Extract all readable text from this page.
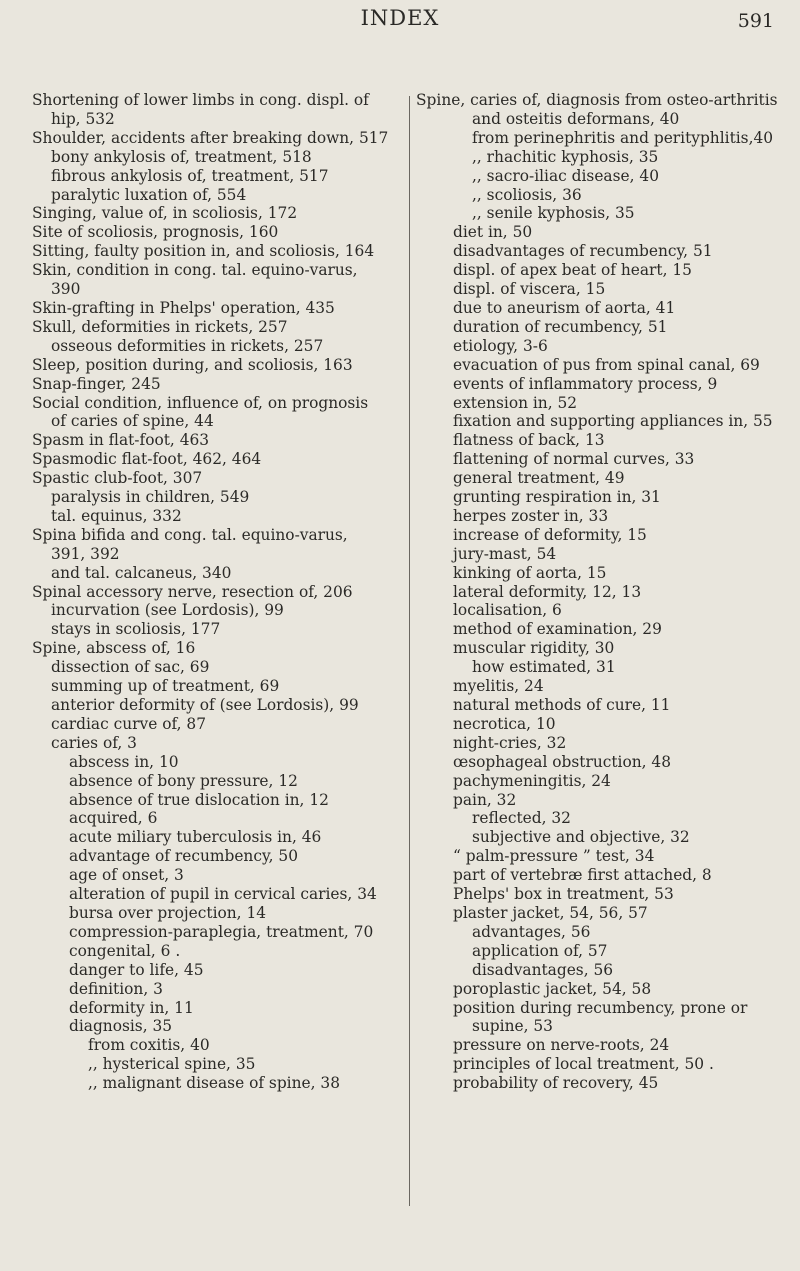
INDEX	591
Shortening of lower limbs in cong. displ. of
hip, 532
Shoulder, accidents after breaking down, 517
bony ankylosis of, treatment, 518
fibrous ankylosis of, treatment, 517
paralytic luxation of, 554
Singing, value of, in scoliosis, 172
Site of scoliosis, prognosis, 160
Sitting, faulty position in, and scoliosis, 164
Skin, condition in cong. tal. equino-varus,
390
Skin-grafting in Phelps' operation, 435
Skull, deformities in rickets, 257
osseous deformities in rickets, 257
Sleep, position during, and scoliosis, 163
Snap-finger, 245
Social condition, influence of, on prognosis
of caries of spine, 44
Spasm in flat-foot, 463
Spasmodic flat-foot, 462, 464
Spastic club-foot, 307
paralysis in children, 549
tal. equinus, 332
Spina bifida and cong. tal. equino-varus,
391, 392
and tal. calcaneus, 340
Spinal accessory nerve, resection of, 206
incurvation (see Lordosis), 99
stays in scoliosis, 177
Spine, abscess of, 16
dissection of sac, 69
summing up of treatment, 69
anterior deformity of (see Lordosis), 99
cardiac curve of, 87
caries of, 3
abscess in, 10
absence of bony pressure, 12
absence of true dislocation in, 12
acquired, 6
acute miliary tuberculosis in, 46
advantage of recumbency, 50
age of onset, 3
alteration of pupil in cervical caries, 34
bursa over projection, 14
compression-paraplegia, treatment, 70
congenital, 6 .
danger to life, 45
definition, 3
deformity in, 11
diagnosis, 35
from coxitis, 40
,, hysterical spine, 35
,, malignant disease of spine, 38
Spine, caries of, diagnosis from osteo-arthritis
and osteitis deformans, 40
from perinephritis and perityphlitis,40
,, rhachitic kyphosis, 35
,, sacro-iliac disease, 40
,, scoliosis, 36
,, senile kyphosis, 35
diet in, 50
disadvantages of recumbency, 51
displ. of apex beat of heart, 15
displ. of viscera, 15
due to aneurism of aorta, 41
duration of recumbency, 51
etiology, 3-6
evacuation of pus from spinal canal, 69
events of inflammatory process, 9
extension in, 52
fixation and supporting appliances in, 55
flatness of back, 13
flattening of normal curves, 33
general treatment, 49
grunting respiration in, 31
herpes zoster in, 33
increase of deformity, 15
jury-mast, 54
kinking of aorta, 15
lateral deformity, 12, 13
localisation, 6
method of examination, 29
muscular rigidity, 30
how estimated, 31
myelitis, 24
natural methods of cure, 11
necrotica, 10
night-cries, 32
œsophageal obstruction, 48
pachymeningitis, 24
pain, 32
reflected, 32
subjective and objective, 32
“ palm-pressure ” test, 34
part of vertebræ first attached, 8
Phelps' box in treatment, 53
plaster jacket, 54, 56, 57
advantages, 56
application of, 57
disadvantages, 56
poroplastic jacket, 54, 58
position during recumbency, prone or
supine, 53
pressure on nerve-roots, 24
principles of local treatment, 50 .
probability of recovery, 45
